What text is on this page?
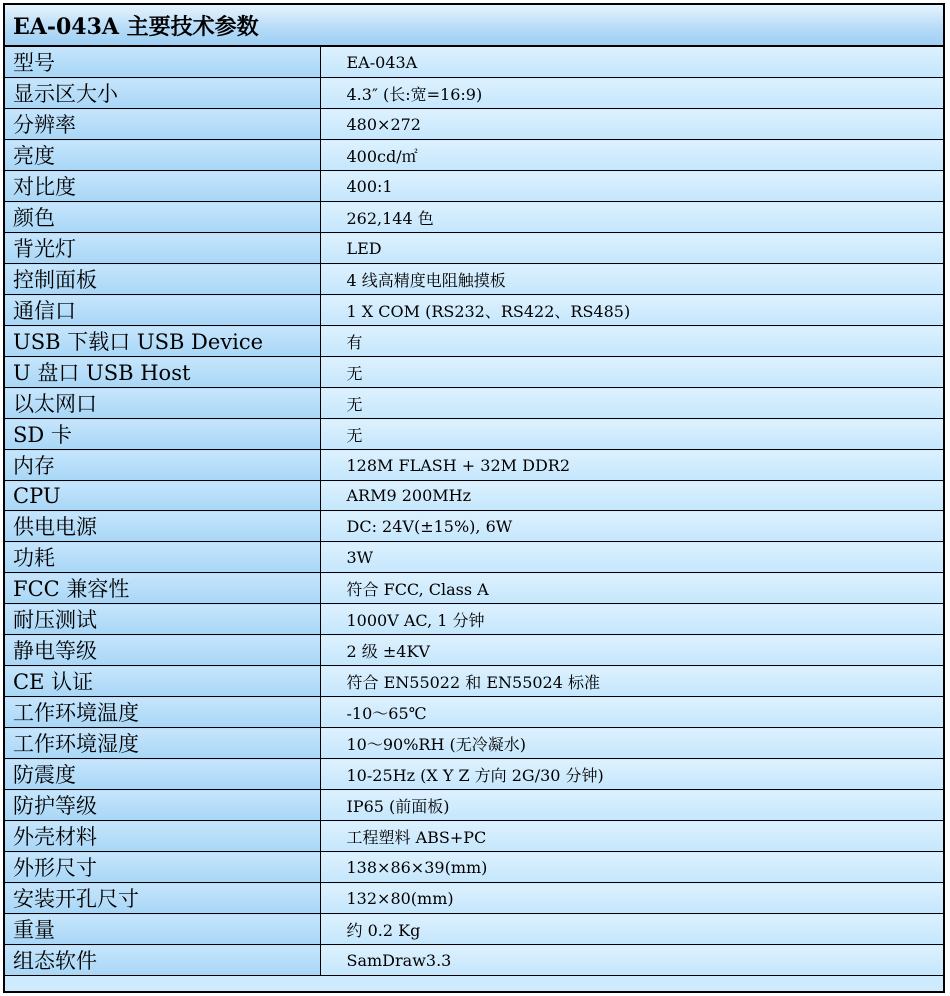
EA-043A 主要技术参数
型号	EA-043A
显示区大小	4.3″ (长:宽=16:9)
分辨率	480×272
亮度	400cd/㎡
对比度	400:1
颜色	262,144 色
背光灯	LED
控制面板	4 线高精度电阻触摸板
通信口	1 X COM (RS232、RS422、RS485)
USB 下载口 USB Device	有
U 盘口 USB Host	无
以太网口	无
SD 卡	无
内存	128M FLASH + 32M DDR2
CPU	ARM9 200MHz
供电电源	DC: 24V(±15%), 6W
功耗	3W
FCC 兼容性	符合 FCC, Class A
耐压测试	1000V AC, 1 分钟
静电等级	2 级 ±4KV
CE 认证	符合 EN55022 和 EN55024 标准
工作环境温度	-10～65℃
工作环境湿度	10～90%RH (无冷凝水)
防震度	10-25Hz (X Y Z 方向 2G/30 分钟)
防护等级	IP65 (前面板)
外壳材料	工程塑料 ABS+PC
外形尺寸	138×86×39(mm)
安装开孔尺寸	132×80(mm)
重量	约 0.2 Kg
组态软件	SamDraw3.3
